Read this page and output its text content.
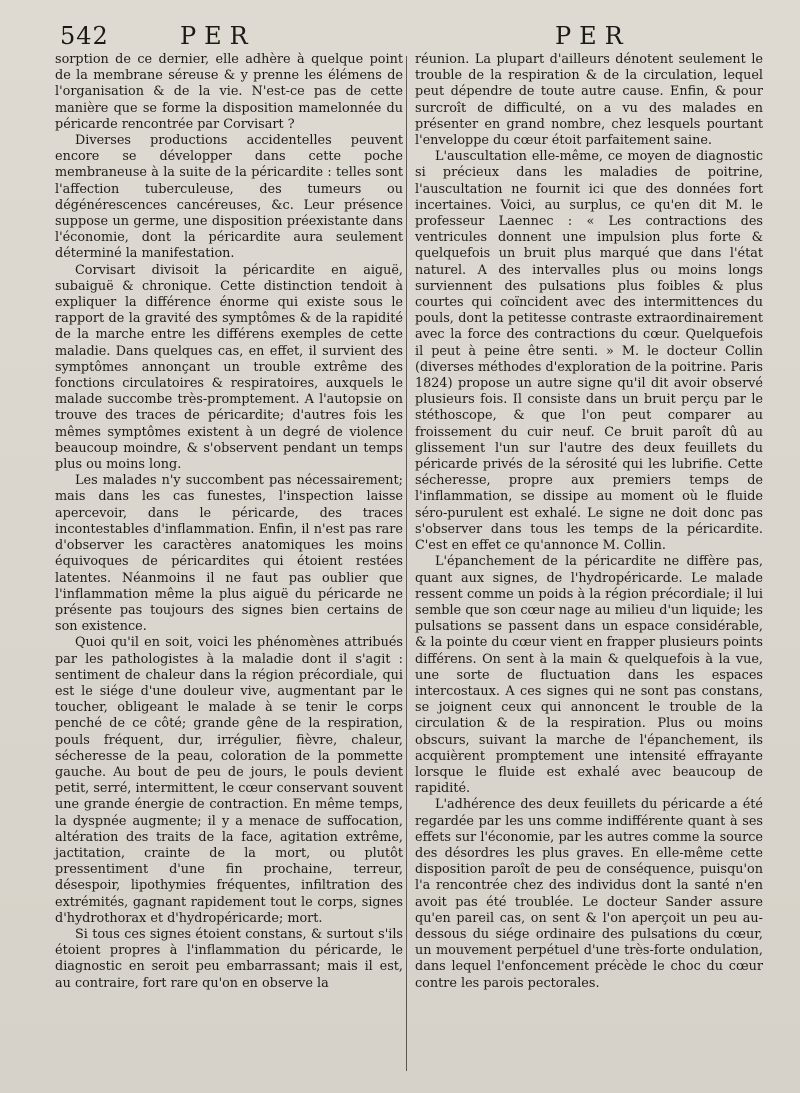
542	PER	PER

sorption de ce dernier, elle adhère à quelque point de la membrane séreuse & y prenne les élémens de l'organisation & de la vie. N'est-ce pas de cette manière que se forme la disposition mamelonnée du péricarde rencontrée par Corvisart ?

Diverses productions accidentelles peuvent encore se développer dans cette poche membraneuse à la suite de la péricardite : telles sont l'affection tuberculeuse, des tumeurs ou dégénérescences cancéreuses, &c. Leur présence suppose un germe, une disposition préexistante dans l'économie, dont la péricardite aura seulement déterminé la manifestation.

Corvisart divisoit la péricardite en aiguë, subaiguë & chronique. Cette distinction tendoit à expliquer la différence énorme qui existe sous le rapport de la gravité des symptômes & de la rapidité de la marche entre les différens exemples de cette maladie. Dans quelques cas, en effet, il survient des symptômes annonçant un trouble extrême des fonctions circulatoires & respiratoires, auxquels le malade succombe très-promptement. A l'autopsie on trouve des traces de péricardite; d'autres fois les mêmes symptômes existent à un degré de violence beaucoup moindre, & s'observent pendant un temps plus ou moins long.

Les malades n'y succombent pas nécessairement; mais dans les cas funestes, l'inspection laisse apercevoir, dans le péricarde, des traces incontestables d'inflammation. Enfin, il n'est pas rare d'observer les caractères anatomiques les moins équivoques de péricardites qui étoient restées latentes. Néanmoins il ne faut pas oublier que l'inflammation même la plus aiguë du péricarde ne présente pas toujours des signes bien certains de son existence.

Quoi qu'il en soit, voici les phénomènes attribués par les pathologistes à la maladie dont il s'agit : sentiment de chaleur dans la région précordiale, qui est le siége d'une douleur vive, augmentant par le toucher, obligeant le malade à se tenir le corps penché de ce côté; grande gêne de la respiration, pouls fréquent, dur, irrégulier, fièvre, chaleur, sécheresse de la peau, coloration de la pommette gauche. Au bout de peu de jours, le pouls devient petit, serré, intermittent, le cœur conservant souvent une grande énergie de contraction. En même temps, la dyspnée augmente; il y a menace de suffocation, altération des traits de la face, agitation extrême, jactitation, crainte de la mort, ou plutôt pressentiment d'une fin prochaine, terreur, désespoir, lipothymies fréquentes, infiltration des extrémités, gagnant rapidement tout le corps, signes d'hydrothorax et d'hydropéricarde; mort.

Si tous ces signes étoient constans, & surtout s'ils étoient propres à l'inflammation du péricarde, le diagnostic en seroit peu embarrassant; mais il est, au contraire, fort rare qu'on en observe la

réunion. La plupart d'ailleurs dénotent seulement le trouble de la respiration & de la circulation, lequel peut dépendre de toute autre cause. Enfin, & pour surcroît de difficulté, on a vu des malades en présenter en grand nombre, chez lesquels pourtant l'enveloppe du cœur étoit parfaitement saine.

L'auscultation elle-même, ce moyen de diagnostic si précieux dans les maladies de poitrine, l'auscultation ne fournit ici que des données fort incertaines. Voici, au surplus, ce qu'en dit M. le professeur Laennec : « Les contractions des ventricules donnent une impulsion plus forte & quelquefois un bruit plus marqué que dans l'état naturel. A des intervalles plus ou moins longs surviennent des pulsations plus foibles & plus courtes qui coïncident avec des intermittences du pouls, dont la petitesse contraste extraordinairement avec la force des contractions du cœur. Quelquefois il peut à peine être senti. » M. le docteur Collin (diverses méthodes d'exploration de la poitrine. Paris 1824) propose un autre signe qu'il dit avoir observé plusieurs fois. Il consiste dans un bruit perçu par le stéthoscope, & que l'on peut comparer au froissement du cuir neuf. Ce bruit paroît dû au glissement l'un sur l'autre des deux feuillets du péricarde privés de la sérosité qui les lubrifie. Cette sécheresse, propre aux premiers temps de l'inflammation, se dissipe au moment où le fluide séro-purulent est exhalé. Le signe ne doit donc pas s'observer dans tous les temps de la péricardite. C'est en effet ce qu'annonce M. Collin.

L'épanchement de la péricardite ne diffère pas, quant aux signes, de l'hydropéricarde. Le malade ressent comme un poids à la région précordiale; il lui semble que son cœur nage au milieu d'un liquide; les pulsations se passent dans un espace considérable, & la pointe du cœur vient en frapper plusieurs points différens. On sent à la main & quelquefois à la vue, une sorte de fluctuation dans les espaces intercostaux. A ces signes qui ne sont pas constans, se joignent ceux qui annoncent le trouble de la circulation & de la respiration. Plus ou moins obscurs, suivant la marche de l'épanchement, ils acquièrent promptement une intensité effrayante lorsque le fluide est exhalé avec beaucoup de rapidité.

L'adhérence des deux feuillets du péricarde a été regardée par les uns comme indifférente quant à ses effets sur l'économie, par les autres comme la source des désordres les plus graves. En elle-même cette disposition paroît de peu de conséquence, puisqu'on l'a rencontrée chez des individus dont la santé n'en avoit pas été troublée. Le docteur Sander assure qu'en pareil cas, on sent & l'on aperçoit un peu au-dessous du siége ordinaire des pulsations du cœur, un mouvement perpétuel d'une très-forte ondulation, dans lequel l'enfoncement précède le choc du cœur contre les parois pectorales.
